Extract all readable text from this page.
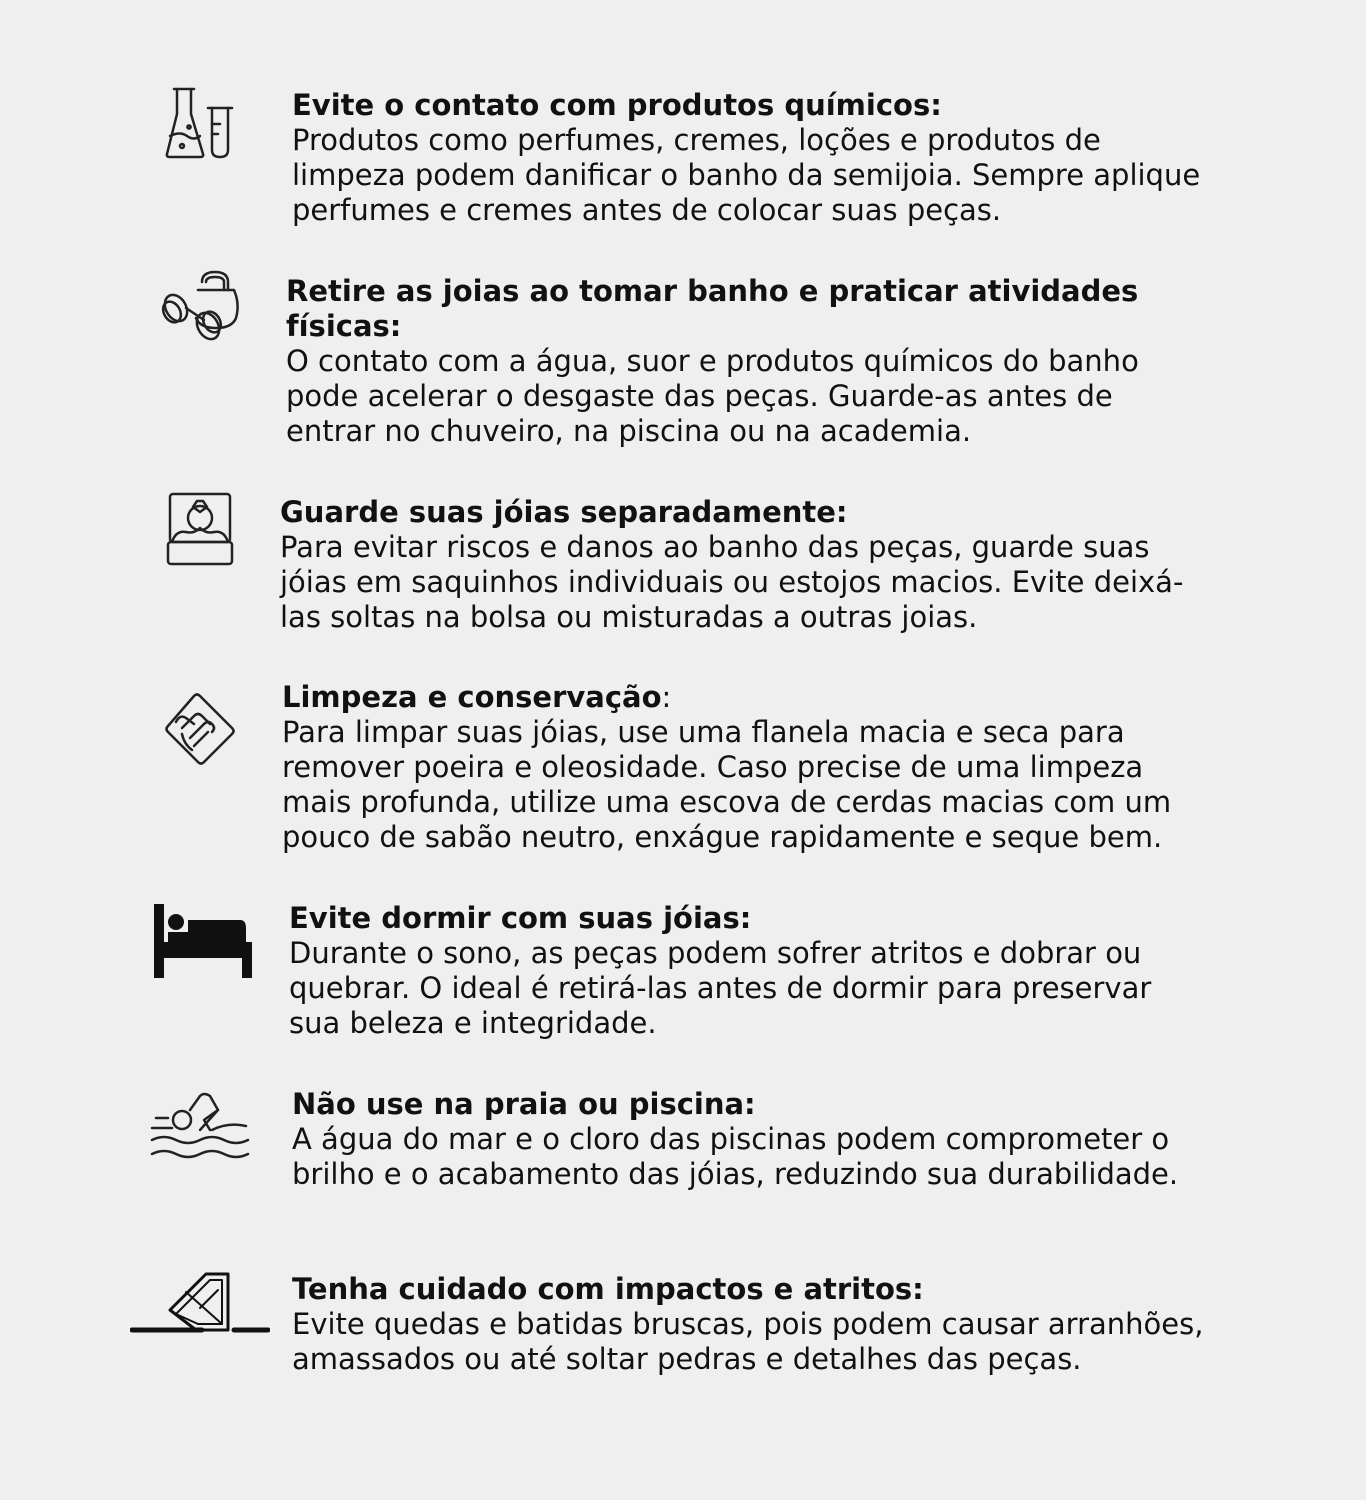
Evite o contato com produtos químicos:
Produtos como perfumes, cremes, loções e produtos de limpeza podem danificar o banho da semijoia. Sempre aplique perfumes e cremes antes de colocar suas peças.
Retire as joias ao tomar banho e praticar atividades físicas:
O contato com a água, suor e produtos químicos do banho pode acelerar o desgaste das peças. Guarde-as antes de entrar no chuveiro, na piscina ou na academia.
Guarde suas jóias separadamente:
Para evitar riscos e danos ao banho das peças, guarde suas jóias em saquinhos individuais ou estojos macios. Evite deixá-las soltas na bolsa ou misturadas a outras joias.
Limpeza e conservação:
Para limpar suas jóias, use uma flanela macia e seca para remover poeira e oleosidade. Caso precise de uma limpeza mais profunda, utilize uma escova de cerdas macias com um pouco de sabão neutro, enxágue rapidamente e seque bem.
Evite dormir com suas jóias:
Durante o sono, as peças podem sofrer atritos e dobrar ou quebrar. O ideal é retirá-las antes de dormir para preservar sua beleza e integridade.
Não use na praia ou piscina:
A água do mar e o cloro das piscinas podem comprometer o brilho e o acabamento das jóias, reduzindo sua durabilidade.
Tenha cuidado com impactos e atritos:
Evite quedas e batidas bruscas, pois podem causar arranhões, amassados ou até soltar pedras e detalhes das peças.
